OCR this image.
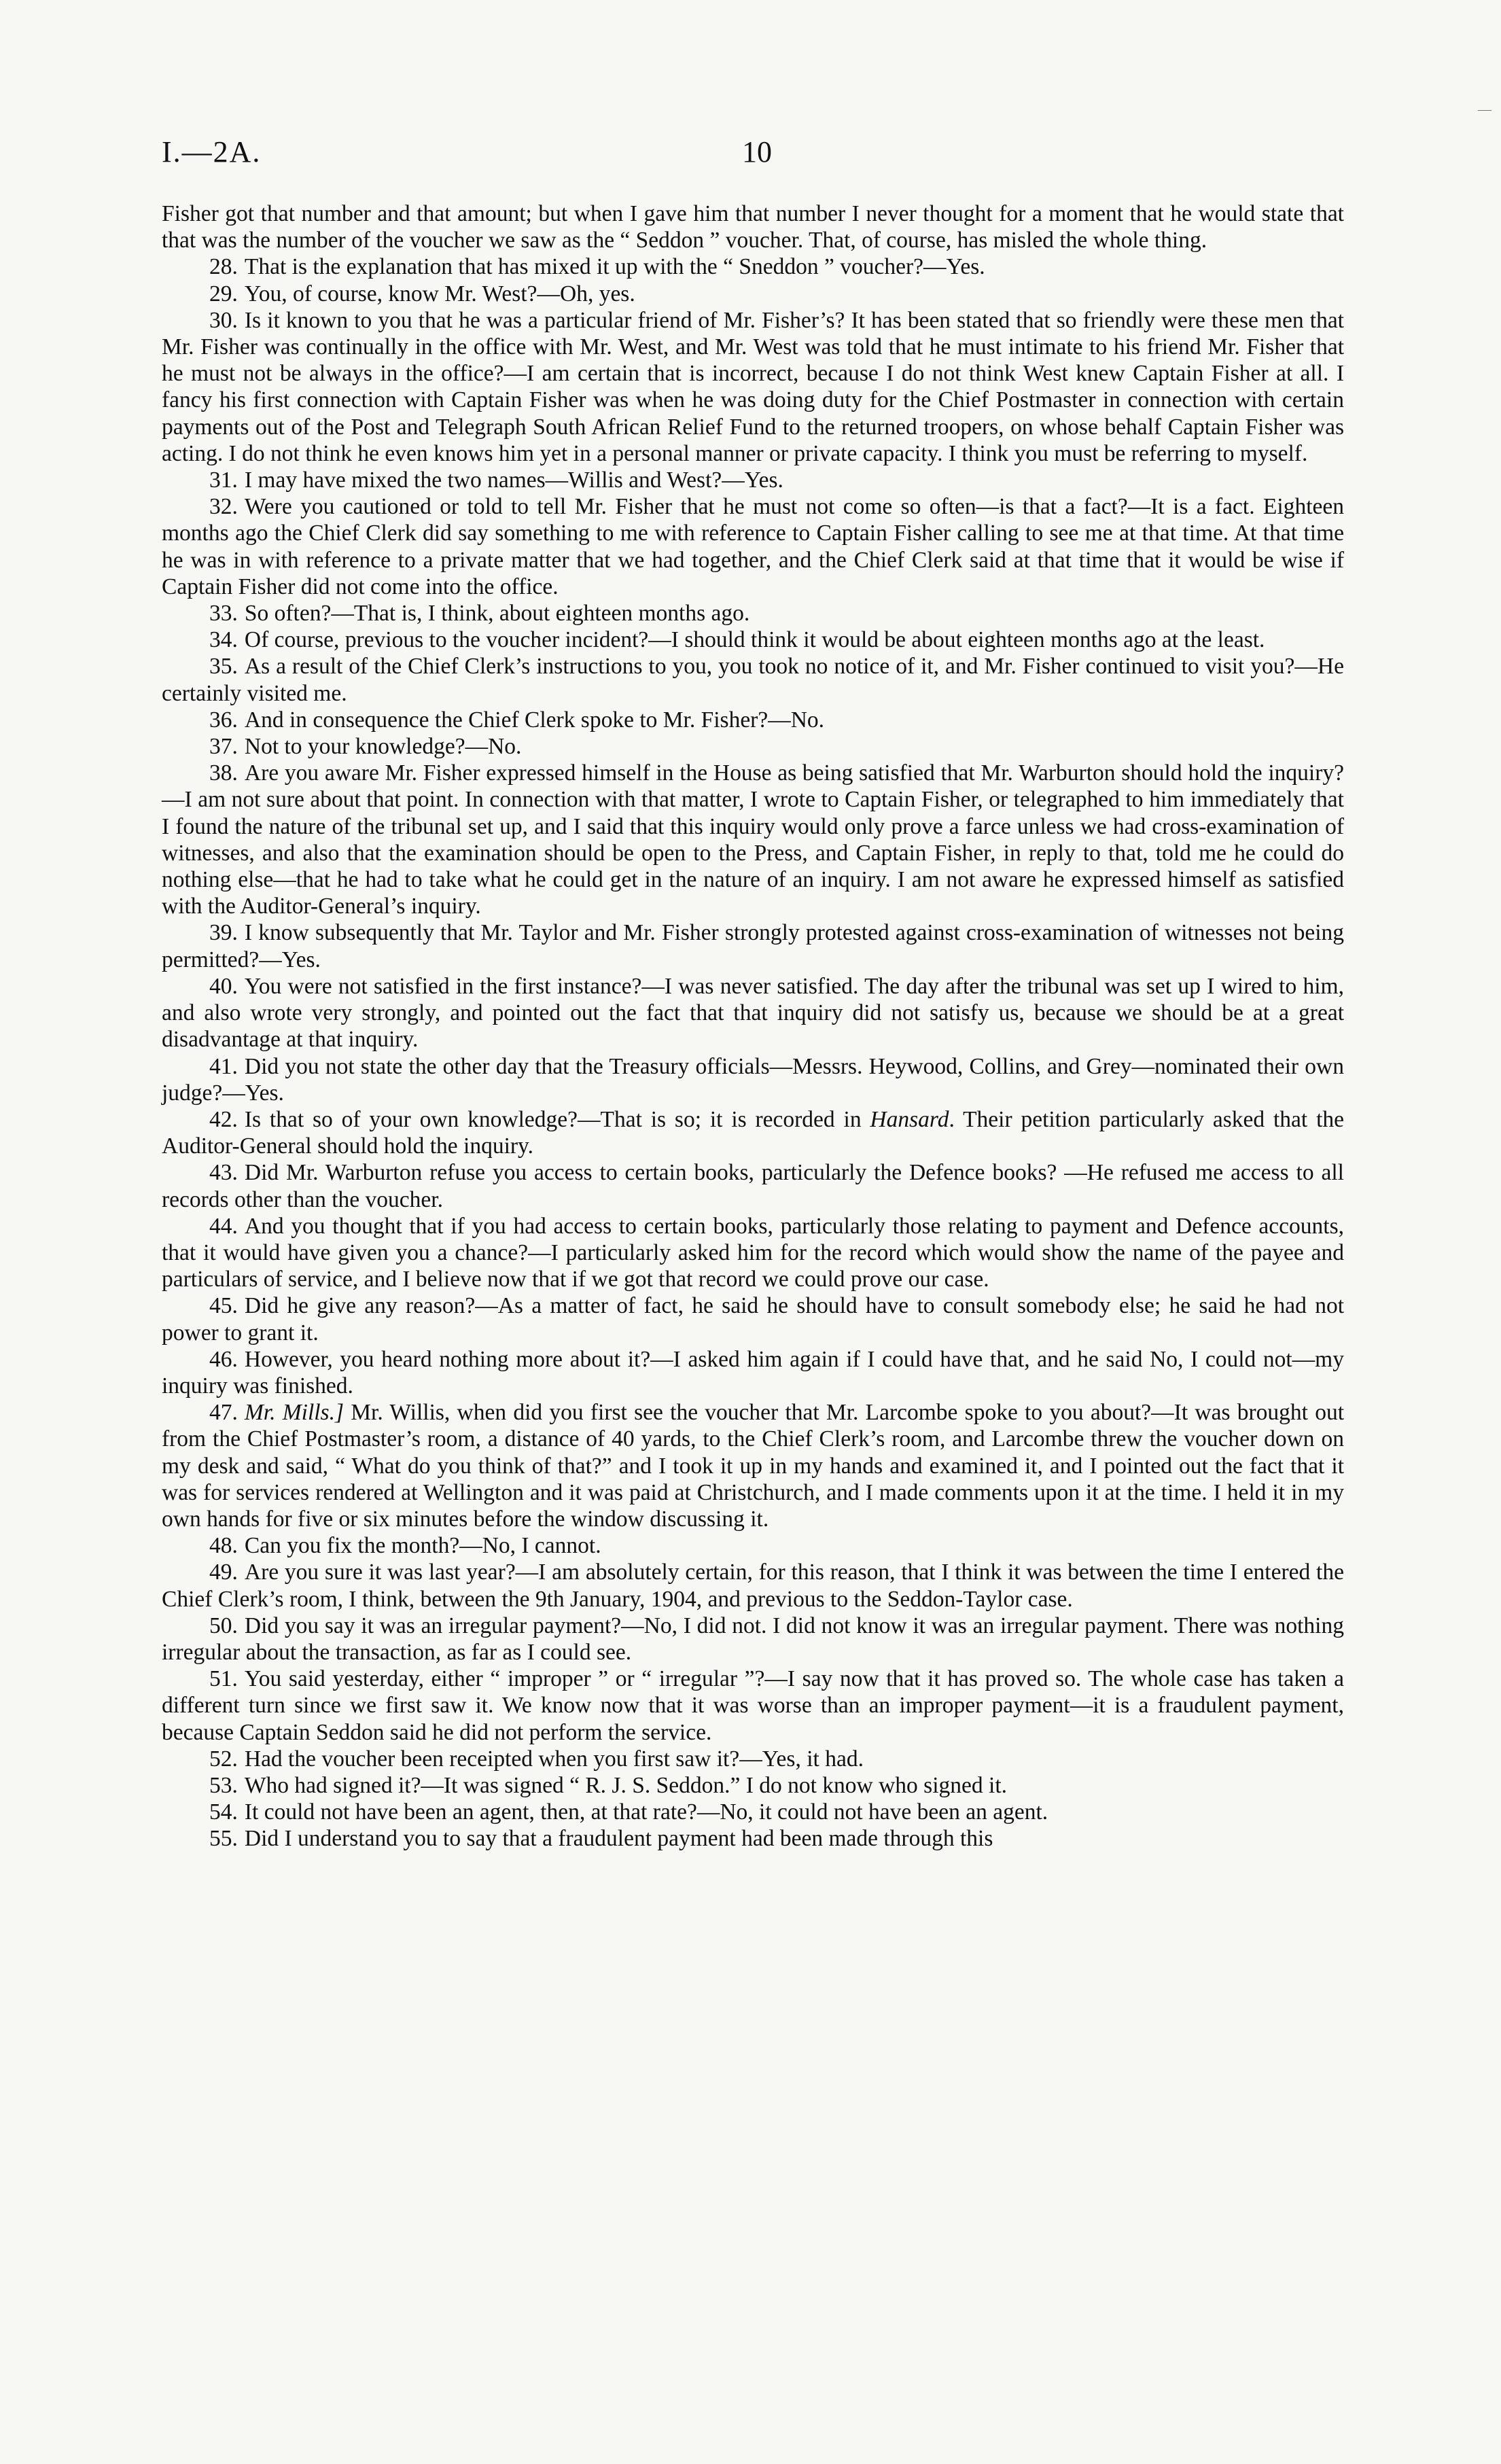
I.—2A.	10
—

Fisher got that number and that amount; but when I gave him that number I never thought for a moment that he would state that that was the number of the voucher we saw as the “ Seddon ” voucher. That, of course, has misled the whole thing.

28. That is the explanation that has mixed it up with the “ Sneddon ” voucher?—Yes.

29. You, of course, know Mr. West?—Oh, yes.

30. Is it known to you that he was a particular friend of Mr. Fisher’s? It has been stated that so friendly were these men that Mr. Fisher was continually in the office with Mr. West, and Mr. West was told that he must intimate to his friend Mr. Fisher that he must not be always in the office?—I am certain that is incorrect, because I do not think West knew Captain Fisher at all. I fancy his first connection with Captain Fisher was when he was doing duty for the Chief Postmaster in connection with certain payments out of the Post and Telegraph South African Relief Fund to the returned troopers, on whose behalf Captain Fisher was acting. I do not think he even knows him yet in a personal manner or private capacity. I think you must be referring to myself.

31. I may have mixed the two names—Willis and West?—Yes.

32. Were you cautioned or told to tell Mr. Fisher that he must not come so often—is that a fact?—It is a fact. Eighteen months ago the Chief Clerk did say something to me with reference to Captain Fisher calling to see me at that time. At that time he was in with reference to a private matter that we had together, and the Chief Clerk said at that time that it would be wise if Captain Fisher did not come into the office.

33. So often?—That is, I think, about eighteen months ago.

34. Of course, previous to the voucher incident?—I should think it would be about eighteen months ago at the least.

35. As a result of the Chief Clerk’s instructions to you, you took no notice of it, and Mr. Fisher continued to visit you?—He certainly visited me.

36. And in consequence the Chief Clerk spoke to Mr. Fisher?—No.

37. Not to your knowledge?—No.

38. Are you aware Mr. Fisher expressed himself in the House as being satisfied that Mr. Warburton should hold the inquiry?—I am not sure about that point. In connection with that matter, I wrote to Captain Fisher, or telegraphed to him immediately that I found the nature of the tribunal set up, and I said that this inquiry would only prove a farce unless we had cross-examination of witnesses, and also that the examination should be open to the Press, and Captain Fisher, in reply to that, told me he could do nothing else—that he had to take what he could get in the nature of an inquiry. I am not aware he expressed himself as satisfied with the Auditor-General’s inquiry.

39. I know subsequently that Mr. Taylor and Mr. Fisher strongly protested against cross-examination of witnesses not being permitted?—Yes.

40. You were not satisfied in the first instance?—I was never satisfied. The day after the tribunal was set up I wired to him, and also wrote very strongly, and pointed out the fact that that inquiry did not satisfy us, because we should be at a great disadvantage at that inquiry.

41. Did you not state the other day that the Treasury officials—Messrs. Heywood, Collins, and Grey—nominated their own judge?—Yes.

42. Is that so of your own knowledge?—That is so; it is recorded in Hansard. Their petition particularly asked that the Auditor-General should hold the inquiry.

43. Did Mr. Warburton refuse you access to certain books, particularly the Defence books? —He refused me access to all records other than the voucher.

44. And you thought that if you had access to certain books, particularly those relating to payment and Defence accounts, that it would have given you a chance?—I particularly asked him for the record which would show the name of the payee and particulars of service, and I believe now that if we got that record we could prove our case.

45. Did he give any reason?—As a matter of fact, he said he should have to consult somebody else; he said he had not power to grant it.

46. However, you heard nothing more about it?—I asked him again if I could have that, and he said No, I could not—my inquiry was finished.

47. Mr. Mills.] Mr. Willis, when did you first see the voucher that Mr. Larcombe spoke to you about?—It was brought out from the Chief Postmaster’s room, a distance of 40 yards, to the Chief Clerk’s room, and Larcombe threw the voucher down on my desk and said, “ What do you think of that?” and I took it up in my hands and examined it, and I pointed out the fact that it was for services rendered at Wellington and it was paid at Christchurch, and I made comments upon it at the time. I held it in my own hands for five or six minutes before the window discussing it.

48. Can you fix the month?—No, I cannot.

49. Are you sure it was last year?—I am absolutely certain, for this reason, that I think it was between the time I entered the Chief Clerk’s room, I think, between the 9th January, 1904, and previous to the Seddon-Taylor case.

50. Did you say it was an irregular payment?—No, I did not. I did not know it was an irregular payment. There was nothing irregular about the transaction, as far as I could see.

51. You said yesterday, either “ improper ” or “ irregular ”?—I say now that it has proved so. The whole case has taken a different turn since we first saw it. We know now that it was worse than an improper payment—it is a fraudulent payment, because Captain Seddon said he did not perform the service.

52. Had the voucher been receipted when you first saw it?—Yes, it had.

53. Who had signed it?—It was signed “ R. J. S. Seddon.” I do not know who signed it.

54. It could not have been an agent, then, at that rate?—No, it could not have been an agent.

55. Did I understand you to say that a fraudulent payment had been made through this
